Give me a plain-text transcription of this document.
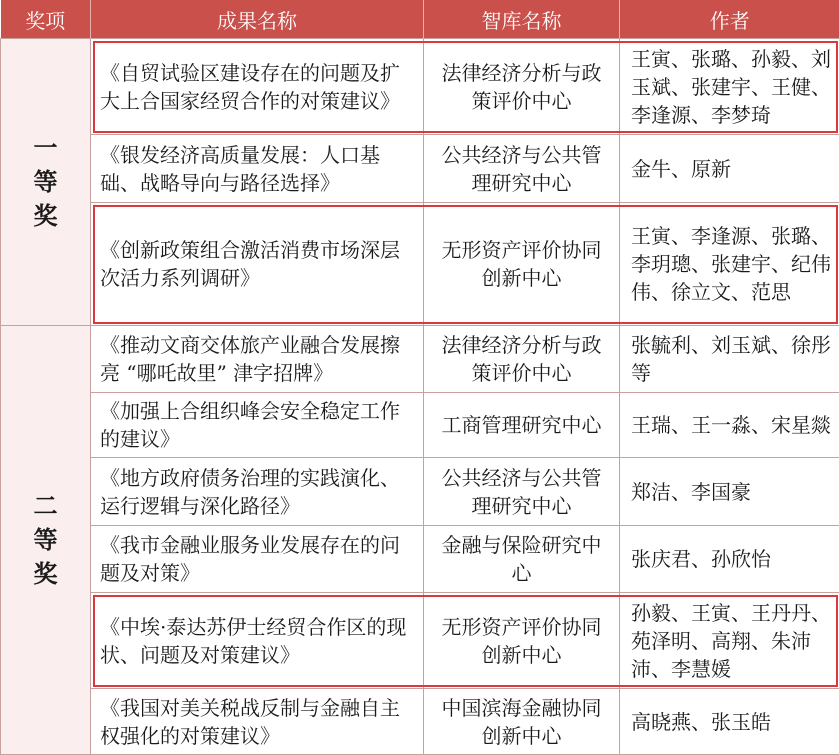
奖项	成果名称	智库名称	作者
一等奖	《自贸试验区建设存在的问题及扩大上合国家经贸合作的对策建议》	法律经济分析与政策评价中心	王寅、张璐、孙毅、刘玉斌、张建宇、王健、李逢源、李梦琦
	《银发经济高质量发展：人口基础、战略导向与路径选择》	公共经济与公共管理研究中心	金牛、原新
	《创新政策组合激活消费市场深层次活力系列调研》	无形资产评价协同创新中心	王寅、李逢源、张璐、李玥璁、张建宇、纪伟伟、徐立文、范思
二等奖	《推动文商交体旅产业融合发展擦亮 “哪吒故里” 津字招牌》	法律经济分析与政策评价中心	张毓利、刘玉斌、徐彤等
	《加强上合组织峰会安全稳定工作的建议》	工商管理研究中心	王瑞、王一淼、宋星燚
	《地方政府债务治理的实践演化、运行逻辑与深化路径》	公共经济与公共管理研究中心	郑洁、李国豪
	《我市金融业服务业发展存在的问题及对策》	金融与保险研究中心	张庆君、孙欣怡
	《中埃·泰达苏伊士经贸合作区的现状、问题及对策建议》	无形资产评价协同创新中心	孙毅、王寅、王丹丹、苑泽明、高翔、朱沛沛、李慧媛
	《我国对美关税战反制与金融自主权强化的对策建议》	中国滨海金融协同创新中心	高晓燕、张玉皓
